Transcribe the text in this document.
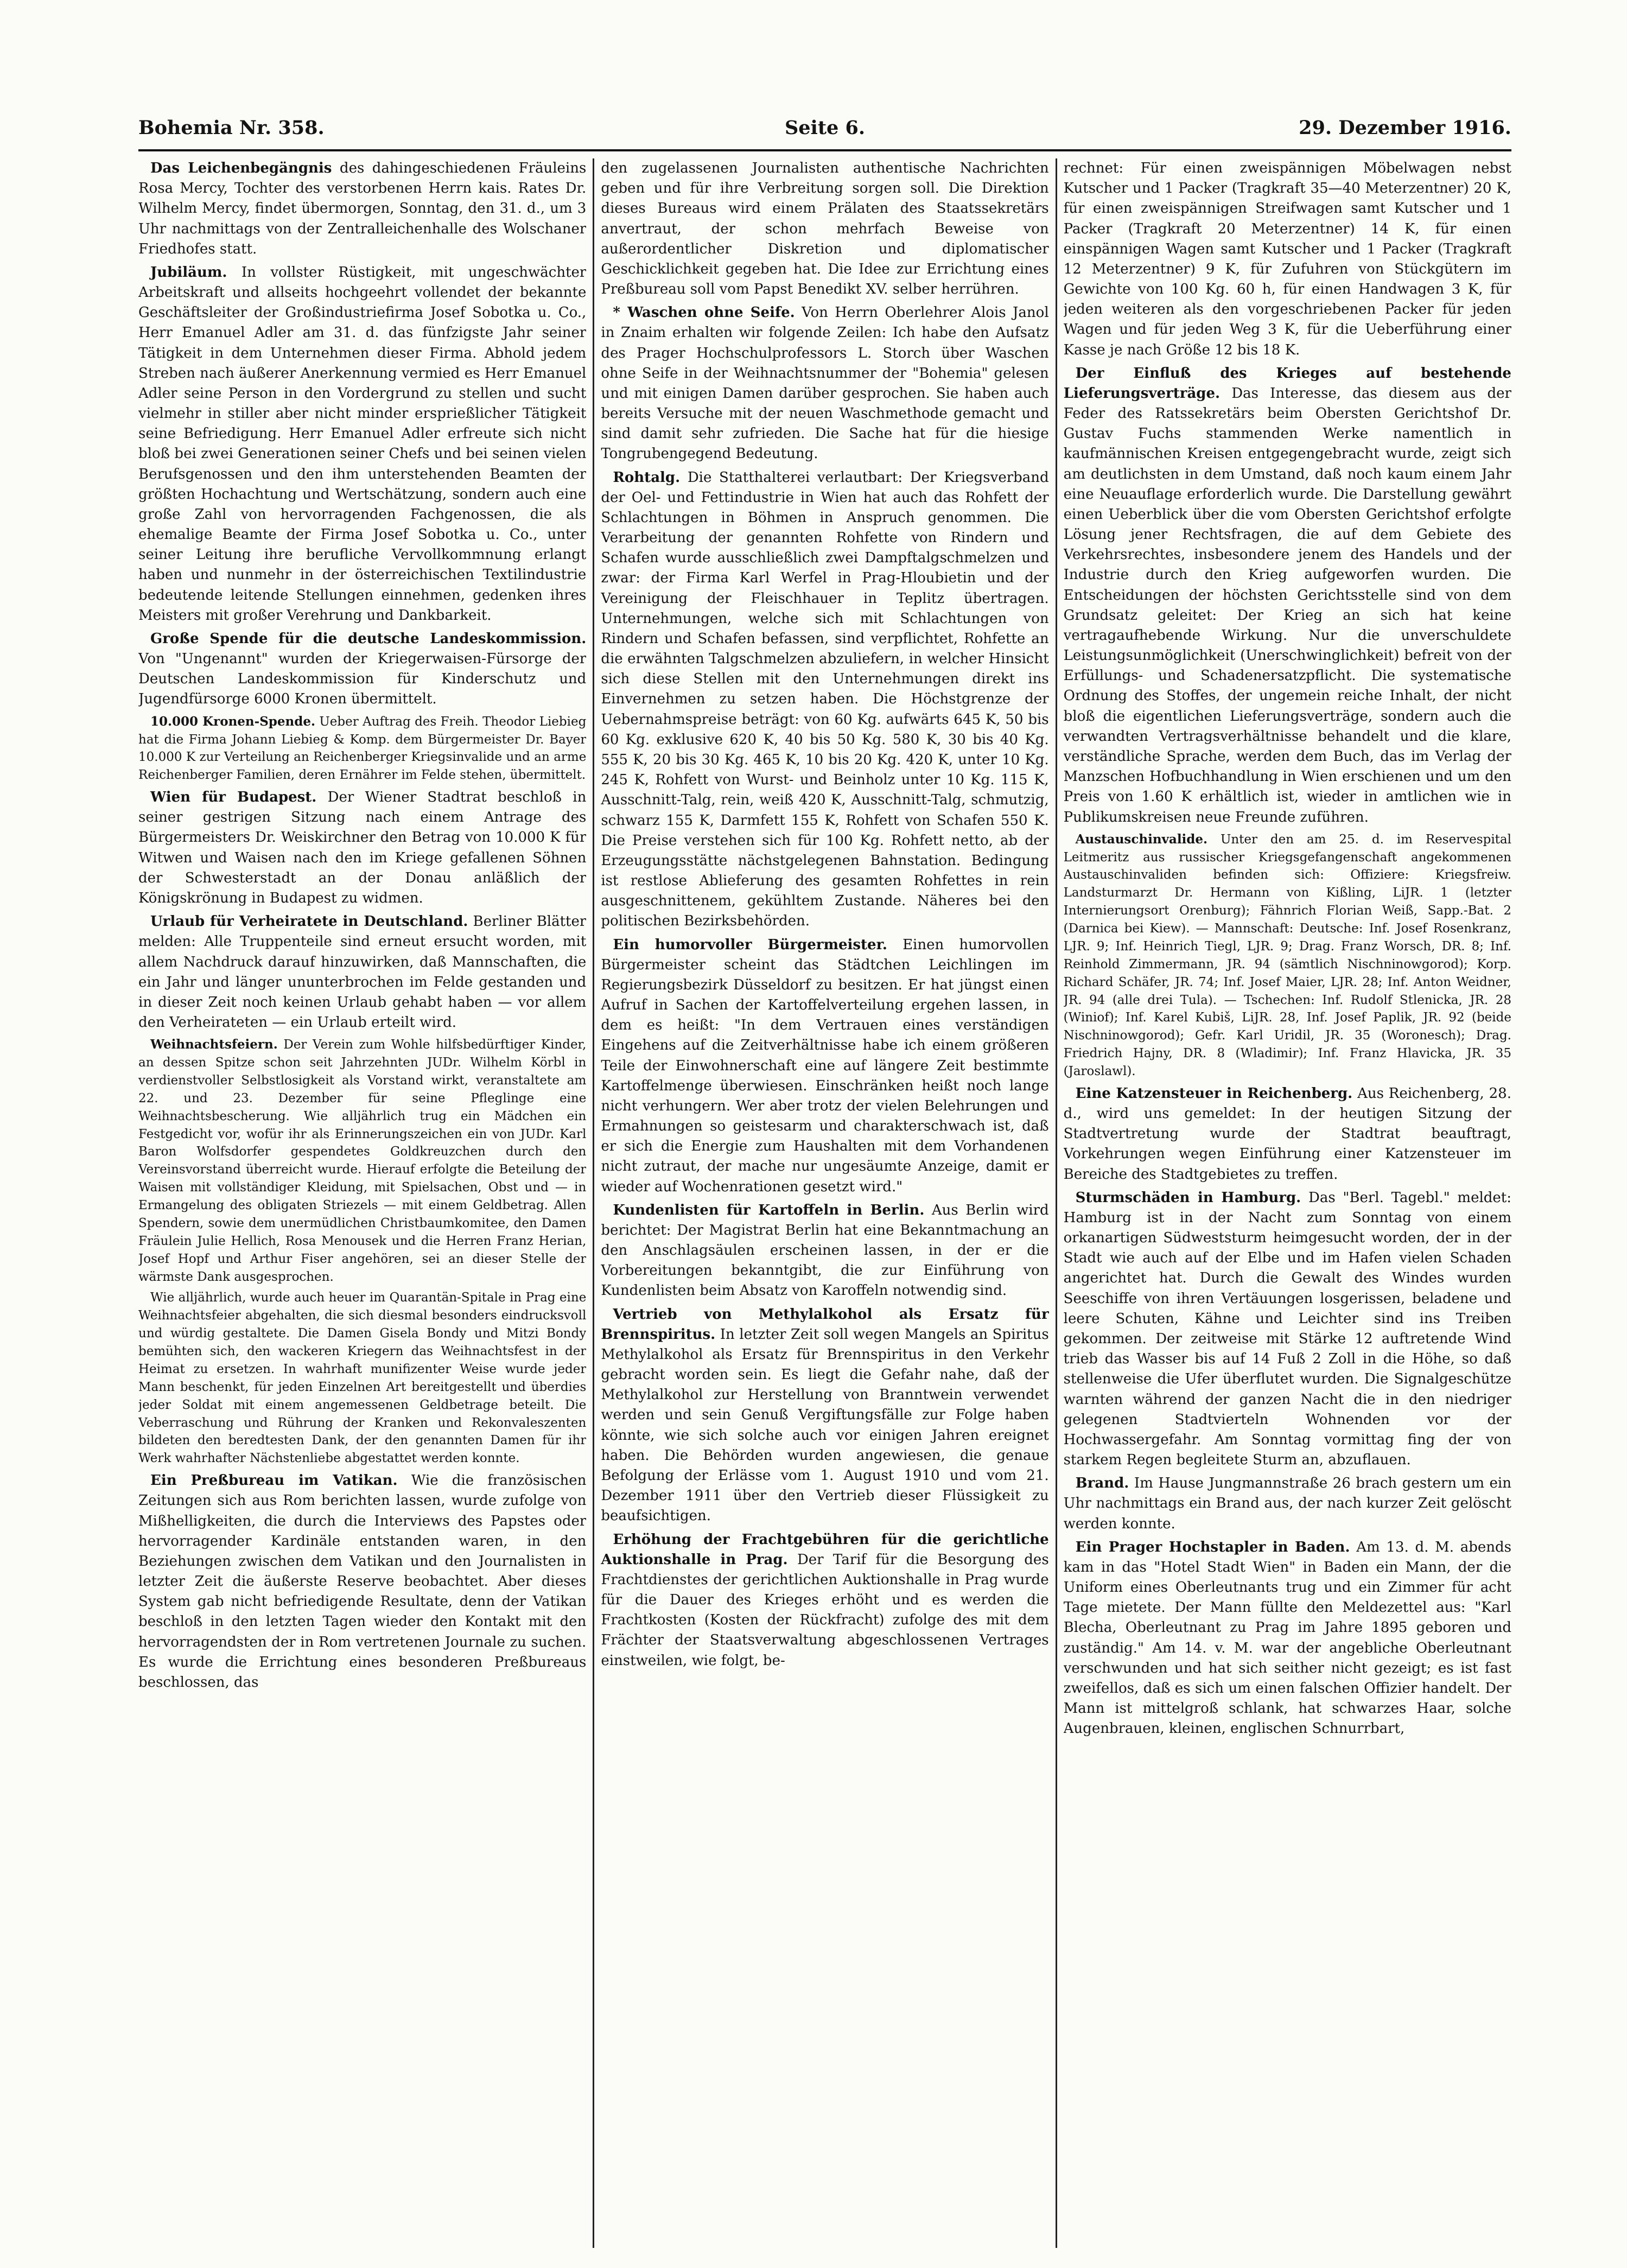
Bohemia Nr. 358.	Seite 6.	29. Dezember 1916.

Das Leichenbegängnis des dahingeschiedenen Fräuleins Rosa Mercy, Tochter des verstorbenen Herrn kais. Rates Dr. Wilhelm Mercy, findet übermorgen, Sonntag, den 31. d., um 3 Uhr nachmittags von der Zentralleichenhalle des Wolschaner Friedhofes statt.

Jubiläum. In vollster Rüstigkeit, mit ungeschwächter Arbeitskraft und allseits hochgeehrt vollendet der bekannte Geschäftsleiter der Großindustriefirma Josef Sobotka u. Co., Herr Emanuel Adler am 31. d. das fünfzigste Jahr seiner Tätigkeit in dem Unternehmen dieser Firma. Abhold jedem Streben nach äußerer Anerkennung vermied es Herr Emanuel Adler seine Person in den Vordergrund zu stellen und sucht vielmehr in stiller aber nicht minder ersprießlicher Tätigkeit seine Befriedigung. Herr Emanuel Adler erfreute sich nicht bloß bei zwei Generationen seiner Chefs und bei seinen vielen Berufsgenossen und den ihm unterstehenden Beamten der größten Hochachtung und Wertschätzung, sondern auch eine große Zahl von hervorragenden Fachgenossen, die als ehemalige Beamte der Firma Josef Sobotka u. Co., unter seiner Leitung ihre berufliche Vervollkommnung erlangt haben und nunmehr in der österreichischen Textilindustrie bedeutende leitende Stellungen einnehmen, gedenken ihres Meisters mit großer Verehrung und Dankbarkeit.

Große Spende für die deutsche Landeskommission. Von "Ungenannt" wurden der Kriegerwaisen-Fürsorge der Deutschen Landeskommission für Kinderschutz und Jugendfürsorge 6000 Kronen übermittelt.

10.000 Kronen-Spende. Ueber Auftrag des Freih. Theodor Liebieg hat die Firma Johann Liebieg & Komp. dem Bürgermeister Dr. Bayer 10.000 K zur Verteilung an Reichenberger Kriegsinvalide und an arme Reichenberger Familien, deren Ernährer im Felde stehen, übermittelt.

Wien für Budapest. Der Wiener Stadtrat beschloß in seiner gestrigen Sitzung nach einem Antrage des Bürgermeisters Dr. Weiskirchner den Betrag von 10.000 K für Witwen und Waisen nach den im Kriege gefallenen Söhnen der Schwesterstadt an der Donau anläßlich der Königskrönung in Budapest zu widmen.

Urlaub für Verheiratete in Deutschland. Berliner Blätter melden: Alle Truppenteile sind erneut ersucht worden, mit allem Nachdruck darauf hinzuwirken, daß Mannschaften, die ein Jahr und länger ununterbrochen im Felde gestanden und in dieser Zeit noch keinen Urlaub gehabt haben — vor allem den Verheirateten — ein Urlaub erteilt wird.

Weihnachtsfeiern. Der Verein zum Wohle hilfsbedürftiger Kinder, an dessen Spitze schon seit Jahrzehnten JUDr. Wilhelm Körbl in verdienstvoller Selbstlosigkeit als Vorstand wirkt, veranstaltete am 22. und 23. Dezember für seine Pfleglinge eine Weihnachtsbescherung. Wie alljährlich trug ein Mädchen ein Festgedicht vor, wofür ihr als Erinnerungszeichen ein von JUDr. Karl Baron Wolfsdorfer gespendetes Goldkreuzchen durch den Vereinsvorstand überreicht wurde. Hierauf erfolgte die Beteilung der Waisen mit vollständiger Kleidung, mit Spielsachen, Obst und — in Ermangelung des obligaten Striezels — mit einem Geldbetrag. Allen Spendern, sowie dem unermüdlichen Christbaumkomitee, den Damen Fräulein Julie Hellich, Rosa Menousek und die Herren Franz Herian, Josef Hopf und Arthur Fiser angehören, sei an dieser Stelle der wärmste Dank ausgesprochen.

Wie alljährlich, wurde auch heuer im Quarantän-Spitale in Prag eine Weihnachtsfeier abgehalten, die sich diesmal besonders eindrucksvoll und würdig gestaltete. Die Damen Gisela Bondy und Mitzi Bondy bemühten sich, den wackeren Kriegern das Weihnachtsfest in der Heimat zu ersetzen. In wahrhaft munifizenter Weise wurde jeder Mann beschenkt, für jeden Einzelnen Art bereitgestellt und überdies jeder Soldat mit einem angemessenen Geldbetrage beteilt. Die Veberraschung und Rührung der Kranken und Rekonvaleszenten bildeten den beredtesten Dank, der den genannten Damen für ihr Werk wahrhafter Nächstenliebe abgestattet werden konnte.

Ein Preßbureau im Vatikan. Wie die französischen Zeitungen sich aus Rom berichten lassen, wurde zufolge von Mißhelligkeiten, die durch die Interviews des Papstes oder hervorragender Kardinäle entstanden waren, in den Beziehungen zwischen dem Vatikan und den Journalisten in letzter Zeit die äußerste Reserve beobachtet. Aber dieses System gab nicht befriedigende Resultate, denn der Vatikan beschloß in den letzten Tagen wieder den Kontakt mit den hervorragendsten der in Rom vertretenen Journale zu suchen. Es wurde die Errichtung eines besonderen Preßbureaus beschlossen, das

den zugelassenen Journalisten authentische Nachrichten geben und für ihre Verbreitung sorgen soll. Die Direktion dieses Bureaus wird einem Prälaten des Staatssekretärs anvertraut, der schon mehrfach Beweise von außerordentlicher Diskretion und diplomatischer Geschicklichkeit gegeben hat. Die Idee zur Errichtung eines Preßbureau soll vom Papst Benedikt XV. selber herrühren.

* Waschen ohne Seife. Von Herrn Oberlehrer Alois Janol in Znaim erhalten wir folgende Zeilen: Ich habe den Aufsatz des Prager Hochschulprofessors L. Storch über Waschen ohne Seife in der Weihnachtsnummer der "Bohemia" gelesen und mit einigen Damen darüber gesprochen. Sie haben auch bereits Versuche mit der neuen Waschmethode gemacht und sind damit sehr zufrieden. Die Sache hat für die hiesige Tongrubengegend Bedeutung.

Rohtalg. Die Statthalterei verlautbart: Der Kriegsverband der Oel- und Fettindustrie in Wien hat auch das Rohfett der Schlachtungen in Böhmen in Anspruch genommen. Die Verarbeitung der genannten Rohfette von Rindern und Schafen wurde ausschließlich zwei Dampftalgschmelzen und zwar: der Firma Karl Werfel in Prag-Hloubietin und der Vereinigung der Fleischhauer in Teplitz übertragen. Unternehmungen, welche sich mit Schlachtungen von Rindern und Schafen befassen, sind verpflichtet, Rohfette an die erwähnten Talgschmelzen abzuliefern, in welcher Hinsicht sich diese Stellen mit den Unternehmungen direkt ins Einvernehmen zu setzen haben. Die Höchstgrenze der Uebernahmspreise beträgt: von 60 Kg. aufwärts 645 K, 50 bis 60 Kg. exklusive 620 K, 40 bis 50 Kg. 580 K, 30 bis 40 Kg. 555 K, 20 bis 30 Kg. 465 K, 10 bis 20 Kg. 420 K, unter 10 Kg. 245 K, Rohfett von Wurst- und Beinholz unter 10 Kg. 115 K, Ausschnitt-Talg, rein, weiß 420 K, Ausschnitt-Talg, schmutzig, schwarz 155 K, Darmfett 155 K, Rohfett von Schafen 550 K. Die Preise verstehen sich für 100 Kg. Rohfett netto, ab der Erzeugungsstätte nächstgelegenen Bahnstation. Bedingung ist restlose Ablieferung des gesamten Rohfettes in rein ausgeschnittenem, gekühltem Zustande. Näheres bei den politischen Bezirksbehörden.

Ein humorvoller Bürgermeister. Einen humorvollen Bürgermeister scheint das Städtchen Leichlingen im Regierungsbezirk Düsseldorf zu besitzen. Er hat jüngst einen Aufruf in Sachen der Kartoffelverteilung ergehen lassen, in dem es heißt: "In dem Vertrauen eines verständigen Eingehens auf die Zeitverhältnisse habe ich einem größeren Teile der Einwohnerschaft eine auf längere Zeit bestimmte Kartoffelmenge überwiesen. Einschränken heißt noch lange nicht verhungern. Wer aber trotz der vielen Belehrungen und Ermahnungen so geistesarm und charakterschwach ist, daß er sich die Energie zum Haushalten mit dem Vorhandenen nicht zutraut, der mache nur ungesäumte Anzeige, damit er wieder auf Wochenrationen gesetzt wird."

Kundenlisten für Kartoffeln in Berlin. Aus Berlin wird berichtet: Der Magistrat Berlin hat eine Bekanntmachung an den Anschlagsäulen erscheinen lassen, in der er die Vorbereitungen bekanntgibt, die zur Einführung von Kundenlisten beim Absatz von Karoffeln notwendig sind.

Vertrieb von Methylalkohol als Ersatz für Brennspiritus. In letzter Zeit soll wegen Mangels an Spiritus Methylalkohol als Ersatz für Brennspiritus in den Verkehr gebracht worden sein. Es liegt die Gefahr nahe, daß der Methylalkohol zur Herstellung von Branntwein verwendet werden und sein Genuß Vergiftungsfälle zur Folge haben könnte, wie sich solche auch vor einigen Jahren ereignet haben. Die Behörden wurden angewiesen, die genaue Befolgung der Erlässe vom 1. August 1910 und vom 21. Dezember 1911 über den Vertrieb dieser Flüssigkeit zu beaufsichtigen.

Erhöhung der Frachtgebühren für die gerichtliche Auktionshalle in Prag. Der Tarif für die Besorgung des Frachtdienstes der gerichtlichen Auktionshalle in Prag wurde für die Dauer des Krieges erhöht und es werden die Frachtkosten (Kosten der Rückfracht) zufolge des mit dem Frächter der Staatsverwaltung abgeschlossenen Vertrages einstweilen, wie folgt, be-

rechnet: Für einen zweispännigen Möbelwagen nebst Kutscher und 1 Packer (Tragkraft 35—40 Meterzentner) 20 K, für einen zweispännigen Streifwagen samt Kutscher und 1 Packer (Tragkraft 20 Meterzentner) 14 K, für einen einspännigen Wagen samt Kutscher und 1 Packer (Tragkraft 12 Meterzentner) 9 K, für Zufuhren von Stückgütern im Gewichte von 100 Kg. 60 h, für einen Handwagen 3 K, für jeden weiteren als den vorgeschriebenen Packer für jeden Wagen und für jeden Weg 3 K, für die Ueberführung einer Kasse je nach Größe 12 bis 18 K.

Der Einfluß des Krieges auf bestehende Lieferungsverträge. Das Interesse, das diesem aus der Feder des Ratssekretärs beim Obersten Gerichtshof Dr. Gustav Fuchs stammenden Werke namentlich in kaufmännischen Kreisen entgegengebracht wurde, zeigt sich am deutlichsten in dem Umstand, daß noch kaum einem Jahr eine Neuauflage erforderlich wurde. Die Darstellung gewährt einen Ueberblick über die vom Obersten Gerichtshof erfolgte Lösung jener Rechtsfragen, die auf dem Gebiete des Verkehrsrechtes, insbesondere jenem des Handels und der Industrie durch den Krieg aufgeworfen wurden. Die Entscheidungen der höchsten Gerichtsstelle sind von dem Grundsatz geleitet: Der Krieg an sich hat keine vertragaufhebende Wirkung. Nur die unverschuldete Leistungsunmöglichkeit (Unerschwinglichkeit) befreit von der Erfüllungs- und Schadenersatzpflicht. Die systematische Ordnung des Stoffes, der ungemein reiche Inhalt, der nicht bloß die eigentlichen Lieferungsverträge, sondern auch die verwandten Vertragsverhältnisse behandelt und die klare, verständliche Sprache, werden dem Buch, das im Verlag der Manzschen Hofbuchhandlung in Wien erschienen und um den Preis von 1.60 K erhältlich ist, wieder in amtlichen wie in Publikumskreisen neue Freunde zuführen.

Austauschinvalide. Unter den am 25. d. im Reservespital Leitmeritz aus russischer Kriegsgefangenschaft angekommenen Austauschinvaliden befinden sich: Offiziere: Kriegsfreiw. Landsturmarzt Dr. Hermann von Kißling, LiJR. 1 (letzter Internierungsort Orenburg); Fähnrich Florian Weiß, Sapp.-Bat. 2 (Darnica bei Kiew). — Mannschaft: Deutsche: Inf. Josef Rosenkranz, LJR. 9; Inf. Heinrich Tiegl, LJR. 9; Drag. Franz Worsch, DR. 8; Inf. Reinhold Zimmermann, JR. 94 (sämtlich Nischninowgorod); Korp. Richard Schäfer, JR. 74; Inf. Josef Maier, LJR. 28; Inf. Anton Weidner, JR. 94 (alle drei Tula). — Tschechen: Inf. Rudolf Stlenicka, JR. 28 (Winiof); Inf. Karel Kubiš, LiJR. 28, Inf. Josef Paplik, JR. 92 (beide Nischninowgorod); Gefr. Karl Uridil, JR. 35 (Woronesch); Drag. Friedrich Hajny, DR. 8 (Wladimir); Inf. Franz Hlavicka, JR. 35 (Jaroslawl).

Eine Katzensteuer in Reichenberg. Aus Reichenberg, 28. d., wird uns gemeldet: In der heutigen Sitzung der Stadtvertretung wurde der Stadtrat beauftragt, Vorkehrungen wegen Einführung einer Katzensteuer im Bereiche des Stadtgebietes zu treffen.

Sturmschäden in Hamburg. Das "Berl. Tagebl." meldet: Hamburg ist in der Nacht zum Sonntag von einem orkanartigen Südweststurm heimgesucht worden, der in der Stadt wie auch auf der Elbe und im Hafen vielen Schaden angerichtet hat. Durch die Gewalt des Windes wurden Seeschiffe von ihren Vertäuungen losgerissen, beladene und leere Schuten, Kähne und Leichter sind ins Treiben gekommen. Der zeitweise mit Stärke 12 auftretende Wind trieb das Wasser bis auf 14 Fuß 2 Zoll in die Höhe, so daß stellenweise die Ufer überflutet wurden. Die Signalgeschütze warnten während der ganzen Nacht die in den niedriger gelegenen Stadtvierteln Wohnenden vor der Hochwassergefahr. Am Sonntag vormittag fing der von starkem Regen begleitete Sturm an, abzuflauen.

Brand. Im Hause Jungmannstraße 26 brach gestern um ein Uhr nachmittags ein Brand aus, der nach kurzer Zeit gelöscht werden konnte.

Ein Prager Hochstapler in Baden. Am 13. d. M. abends kam in das "Hotel Stadt Wien" in Baden ein Mann, der die Uniform eines Oberleutnants trug und ein Zimmer für acht Tage mietete. Der Mann füllte den Meldezettel aus: "Karl Blecha, Oberleutnant zu Prag im Jahre 1895 geboren und zuständig." Am 14. v. M. war der angebliche Oberleutnant verschwunden und hat sich seither nicht gezeigt; es ist fast zweifellos, daß es sich um einen falschen Offizier handelt. Der Mann ist mittelgroß schlank, hat schwarzes Haar, solche Augenbrauen, kleinen, englischen Schnurrbart,
